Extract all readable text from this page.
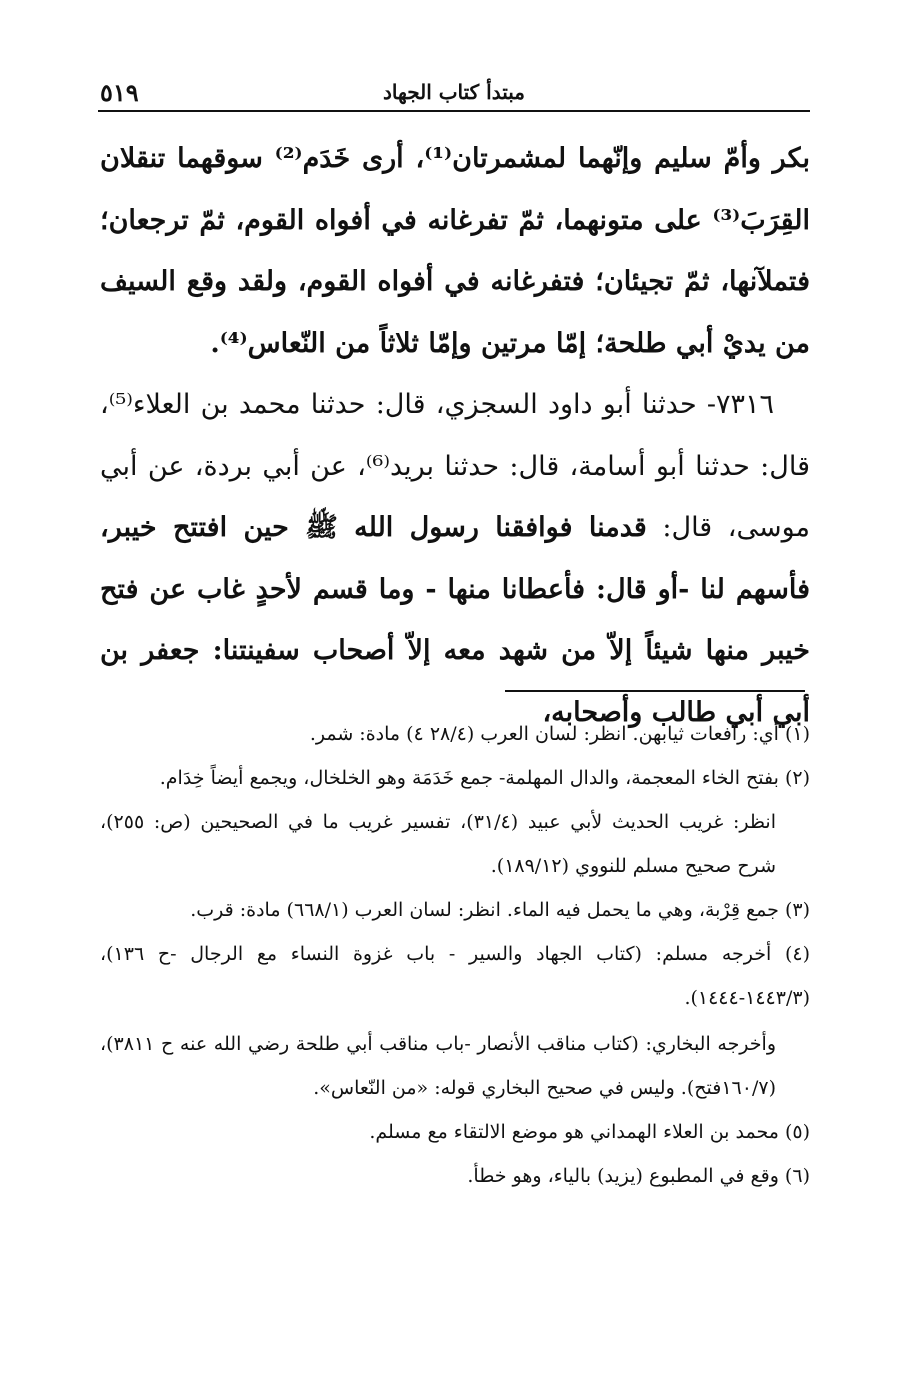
٥١٩	مبتدأ كتاب الجهاد

بكر وأمّ سليم وإنّهما لمشمرتان⁽¹⁾، أرى خَدَم⁽²⁾ سوقهما تنقلان القِرَبَ⁽³⁾ على متونهما، ثمّ تفرغانه في أفواه القوم، ثمّ ترجعان؛ فتملآنها، ثمّ تجيئان؛ فتفرغانه في أفواه القوم، ولقد وقع السيف من يديْ أبي طلحة؛ إمّا مرتين وإمّا ثلاثاً من النّعاس⁽⁴⁾.

٧٣١٦- حدثنا أبو داود السجزي، قال: حدثنا محمد بن العلاء⁽⁵⁾، قال: حدثنا أبو أسامة، قال: حدثنا بريد⁽⁶⁾، عن أبي بردة، عن أبي موسى، قال: قدمنا فوافقنا رسول الله ﷺ حين افتتح خيبر، فأسهم لنا -أو قال: فأعطانا منها - وما قسم لأحدٍ غاب عن فتح خيبر منها شيئاً إلاّ من شهد معه إلاّ أصحاب سفينتنا: جعفر بن أبي أبي طالب وأصحابه،

(١) أي: رافعات ثيابهن. انظر: لسان العرب (٢٨/٤ ٤) مادة: شمر.

(٢) بفتح الخاء المعجمة، والدال المهلمة- جمع خَدَمَة وهو الخلخال، ويجمع أيضاً خِدَام.

انظر: غريب الحديث لأبي عبيد (٣١/٤)، تفسير غريب ما في الصحيحين (ص: ٢٥٥)، شرح صحيح مسلم للنووي (١٨٩/١٢).

(٣) جمع قِرْبة، وهي ما يحمل فيه الماء. انظر: لسان العرب (٦٦٨/١) مادة: قرب.

(٤) أخرجه مسلم: (كتاب الجهاد والسير - باب غزوة النساء مع الرجال -ح ١٣٦)، (١٤٤٣/٣-١٤٤٤).

وأخرجه البخاري: (كتاب مناقب الأنصار -باب مناقب أبي طلحة رضي الله عنه ح ٣٨١١)، (١٦٠/٧فتح). وليس في صحيح البخاري قوله: «من النّعاس».

(٥) محمد بن العلاء الهمداني هو موضع الالتقاء مع مسلم.

(٦) وقع في المطبوع (يزيد) بالياء، وهو خطأ.
